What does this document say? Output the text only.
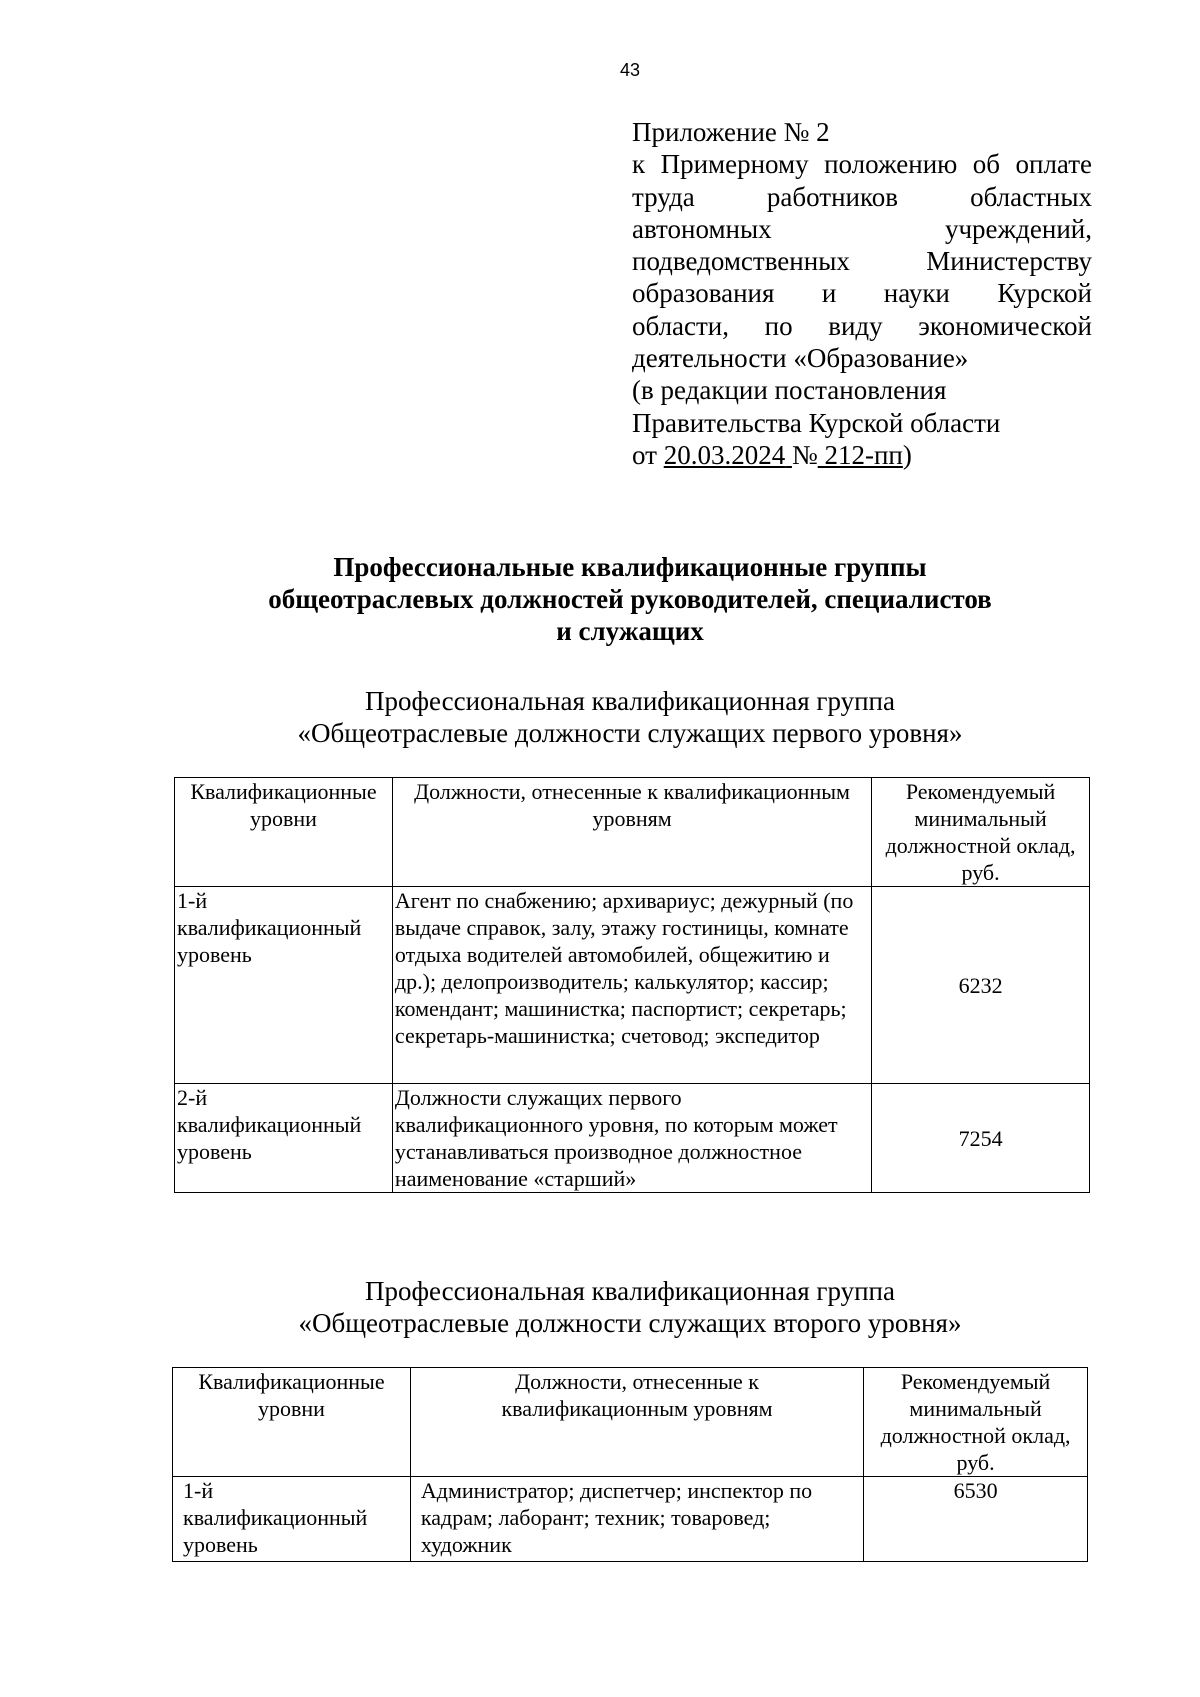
43
Приложение № 2
к Примерному положению об оплате
труда работников областных
автономных учреждений,
подведомственных Министерству
образования и науки Курской
области, по виду экономической
деятельности «Образование»
(в редакции постановления
Правительства Курской области
от 20.03.2024 № 212-пп)
Профессиональные квалификационные группы
общеотраслевых должностей руководителей, специалистов
и служащих
Профессиональная квалификационная группа
«Общеотраслевые должности служащих первого уровня»
Квалификационные уровни	Должности, отнесенные к квалификационным уровням	Рекомендуемый минимальный должностной оклад, руб.
1-й квалификационный уровень	Агент по снабжению; архивариус; дежурный (по выдаче справок, залу, этажу гостиницы, комнате отдыха водителей автомобилей, общежитию и др.); делопроизводитель; калькулятор; кассир; комендант; машинистка; паспортист; секретарь; секретарь-машинистка; счетовод; экспедитор	6232
2-й квалификационный уровень	Должности служащих первого квалификационного уровня, по которым может устанавливаться производное должностное наименование «старший»	7254
Профессиональная квалификационная группа
«Общеотраслевые должности служащих второго уровня»
Квалификационные уровни	Должности, отнесенные к квалификационным уровням	Рекомендуемый минимальный должностной оклад, руб.
1-й квалификационный уровень	Администратор; диспетчер; инспектор по кадрам; лаборант; техник; товаровед; художник	6530
